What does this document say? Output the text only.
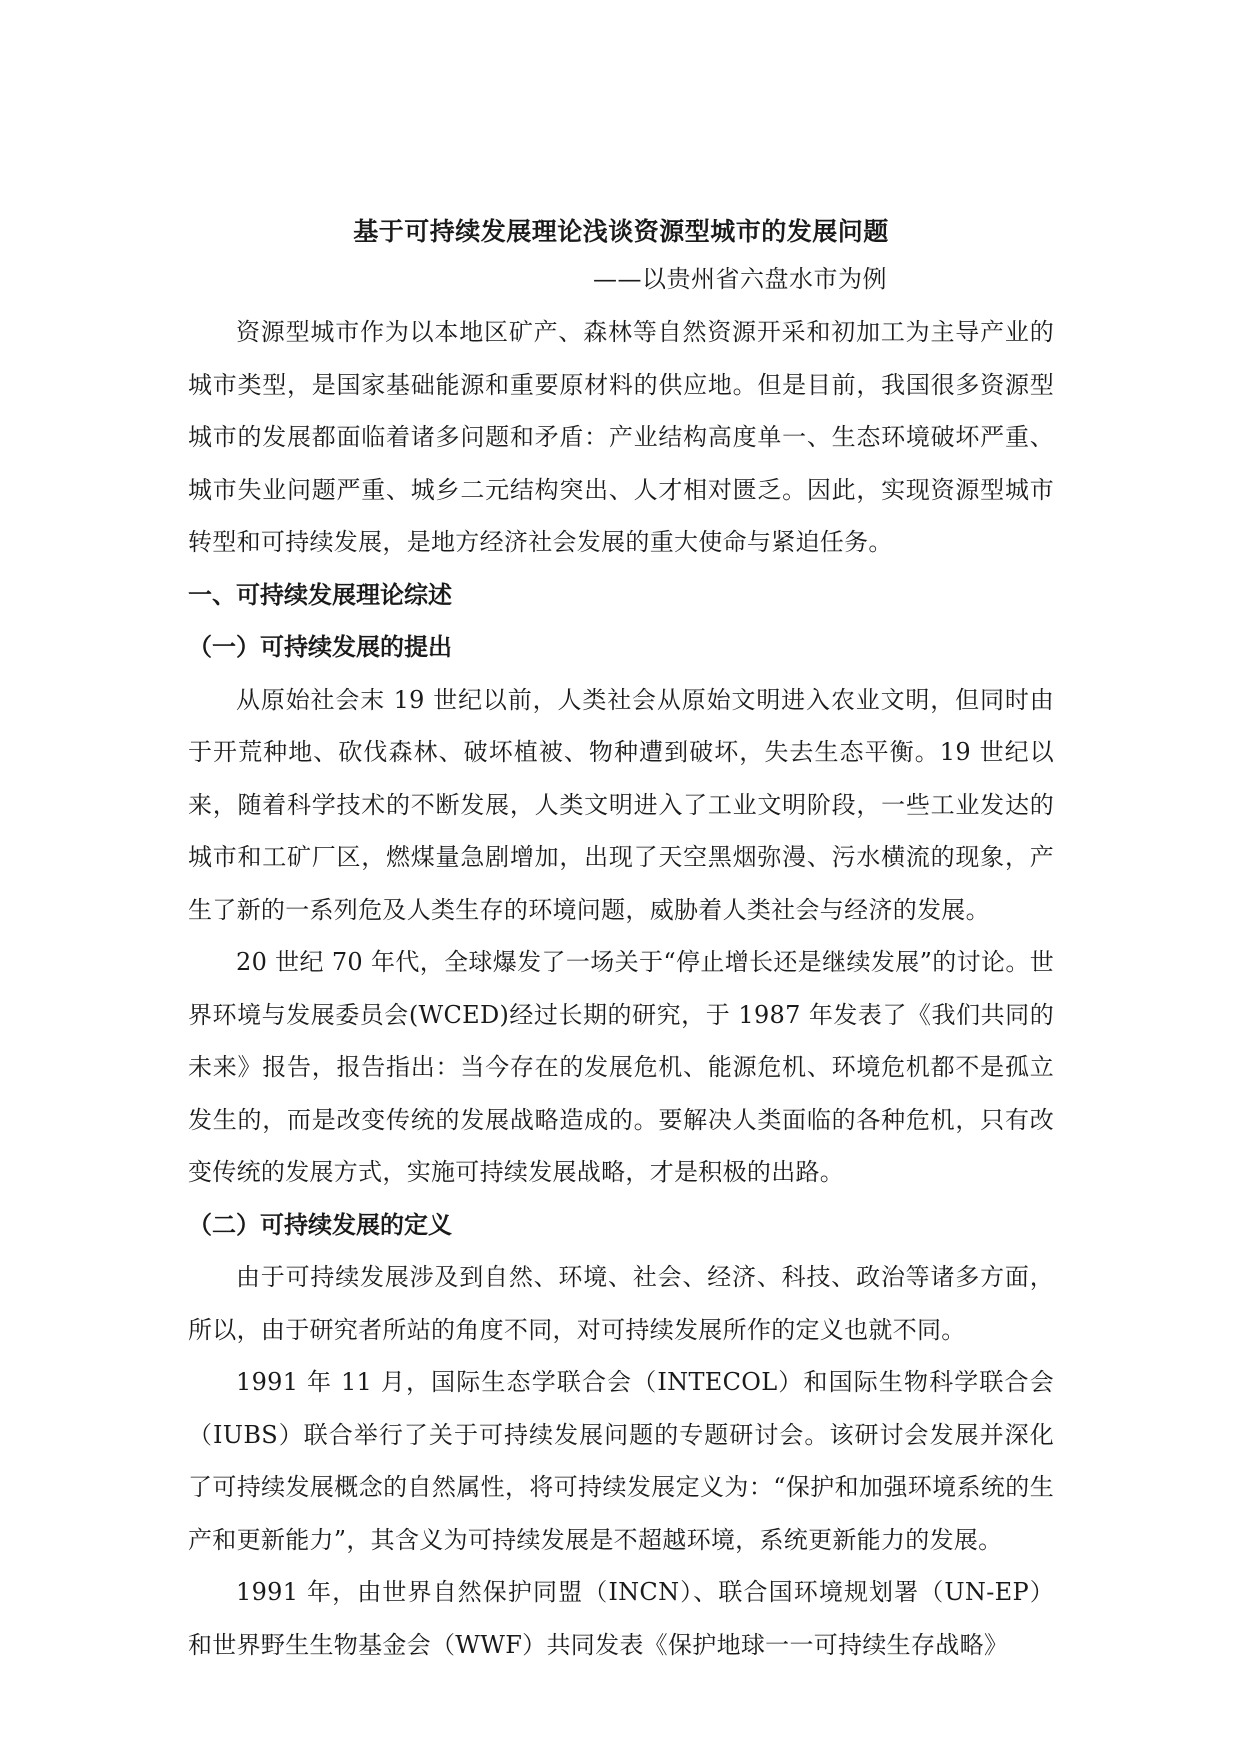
基于可持续发展理论浅谈资源型城市的发展问题
——以贵州省六盘水市为例

资源型城市作为以本地区矿产、森林等自然资源开采和初加工为主导产业的城市类型，是国家基础能源和重要原材料的供应地。但是目前，我国很多资源型城市的发展都面临着诸多问题和矛盾：产业结构高度单一、生态环境破坏严重、城市失业问题严重、城乡二元结构突出、人才相对匮乏。因此，实现资源型城市转型和可持续发展，是地方经济社会发展的重大使命与紧迫任务。

一、可持续发展理论综述
（一）可持续发展的提出

从原始社会末 19 世纪以前，人类社会从原始文明进入农业文明，但同时由于开荒种地、砍伐森林、破坏植被、物种遭到破坏，失去生态平衡。19 世纪以来，随着科学技术的不断发展，人类文明进入了工业文明阶段，一些工业发达的城市和工矿厂区，燃煤量急剧增加，出现了天空黑烟弥漫、污水横流的现象，产生了新的一系列危及人类生存的环境问题，威胁着人类社会与经济的发展。

20 世纪 70 年代，全球爆发了一场关于“停止增长还是继续发展”的讨论。世界环境与发展委员会(WCED)经过长期的研究，于 1987 年发表了《我们共同的未来》报告，报告指出：当今存在的发展危机、能源危机、环境危机都不是孤立发生的，而是改变传统的发展战略造成的。要解决人类面临的各种危机，只有改变传统的发展方式，实施可持续发展战略，才是积极的出路。

（二）可持续发展的定义

由于可持续发展涉及到自然、环境、社会、经济、科技、政治等诸多方面，所以，由于研究者所站的角度不同，对可持续发展所作的定义也就不同。

1991 年 11 月，国际生态学联合会（INTECOL）和国际生物科学联合会（IUBS）联合举行了关于可持续发展问题的专题研讨会。该研讨会发展并深化了可持续发展概念的自然属性，将可持续发展定义为：“保护和加强环境系统的生产和更新能力”，其含义为可持续发展是不超越环境，系统更新能力的发展。

1991 年，由世界自然保护同盟（INCN）、联合国环境规划署（UN-EP）和世界野生生物基金会（WWF）共同发表《保护地球一一可持续生存战略》
